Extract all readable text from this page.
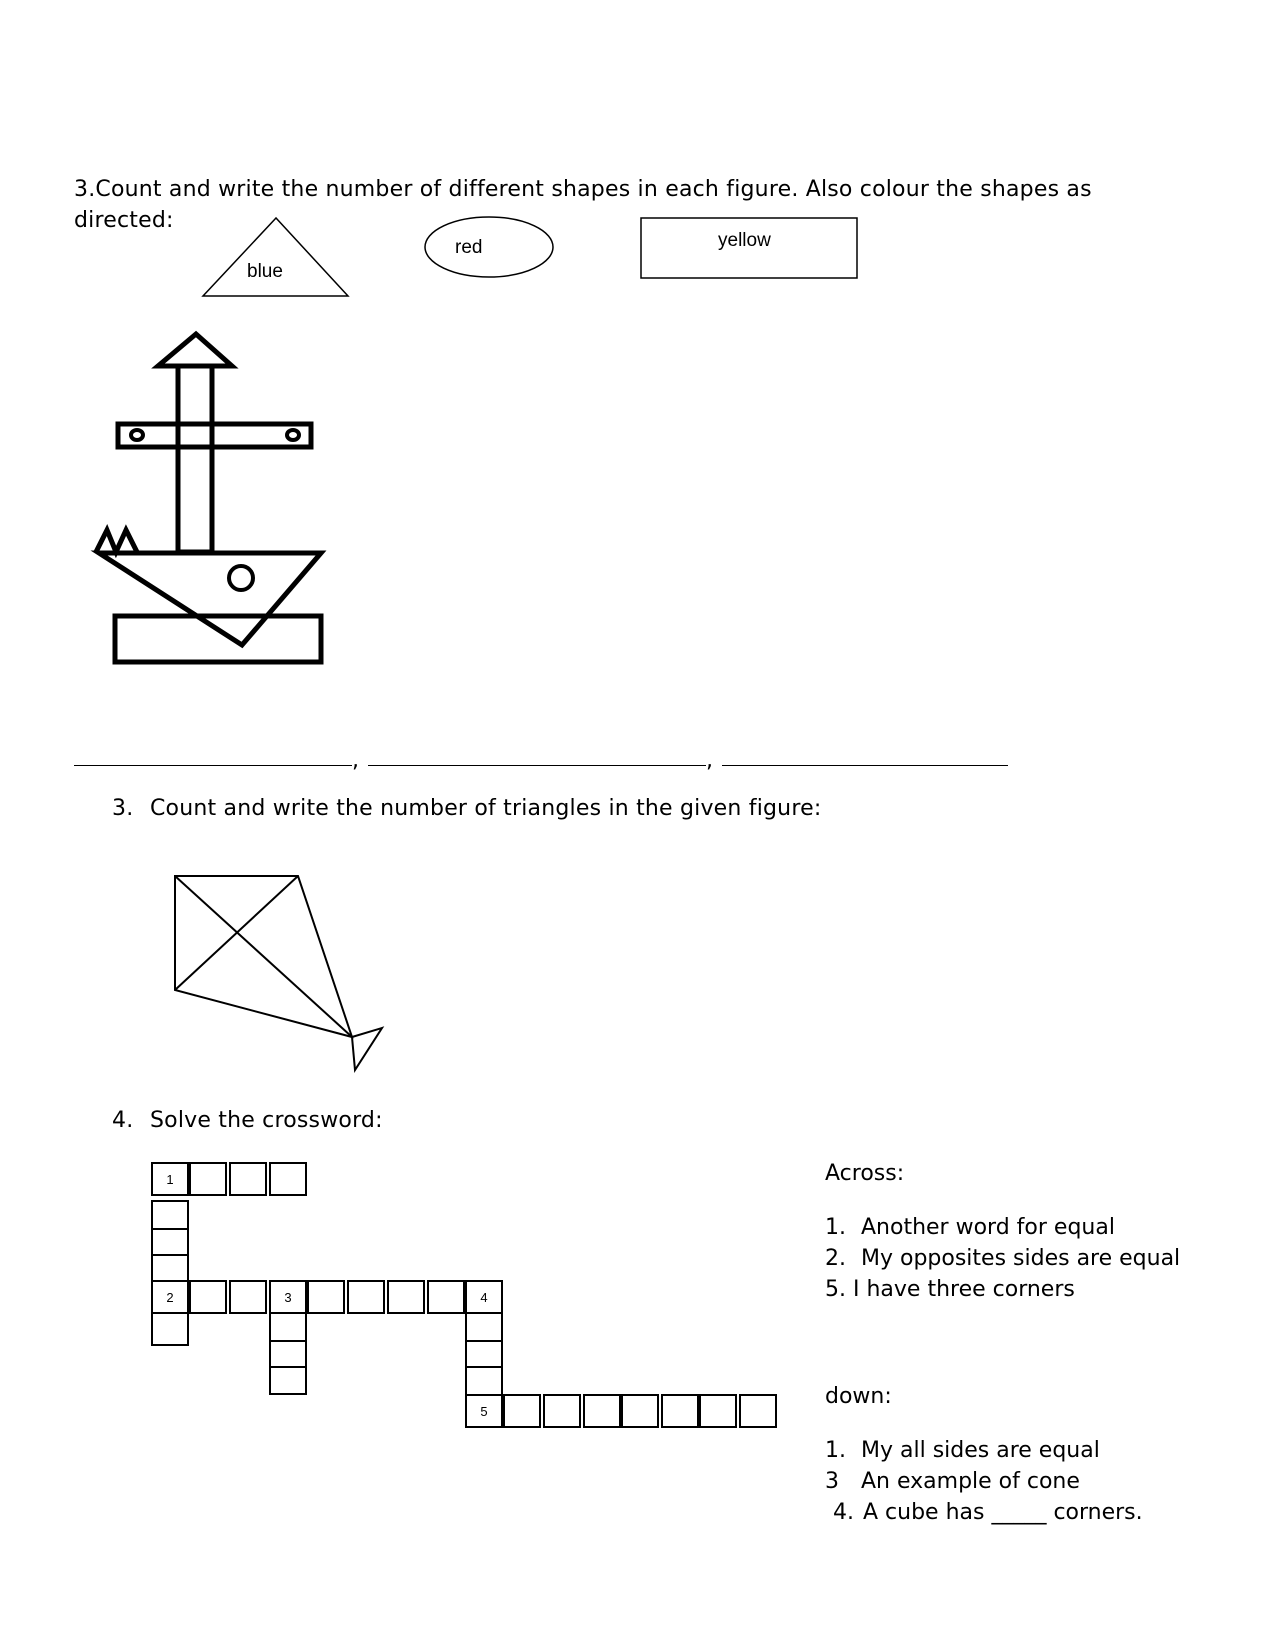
3.Count and write the number of different shapes in each figure. Also colour the shapes as
directed:
blue
red	yellow
,	,
3. Count and write the number of triangles in the given figure:
4. Solve the crossword:
1
2	3	4
5
Across:
1. Another word for equal
2. My opposites sides are equal
5. I have three corners
down:
1. My all sides are equal
3 An example of cone
4. A cube has _____ corners.
